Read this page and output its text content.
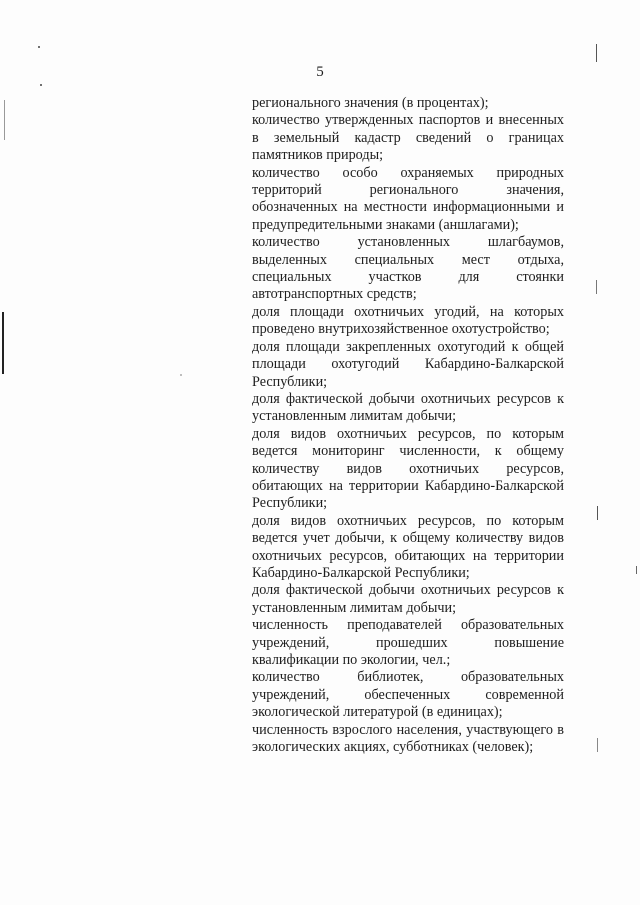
5

регионального значения (в процентах);

количество утвержденных паспортов и внесенных в земельный кадастр сведений о границах памятников природы;

количество особо охраняемых природных территорий регионального значения, обозначенных на местности информационными и предупредительными знаками (аншлагами);

количество установленных шлагбаумов, выделенных специальных мест отдыха, специальных участков для стоянки автотранспортных средств;

доля площади охотничьих угодий, на которых проведено внутрихозяйственное охотустройство;

доля площади закрепленных охотугодий к общей площади охотугодий Кабардино-Балкарской Республики;

доля фактической добычи охотничьих ресурсов к установленным лимитам добычи;

доля видов охотничьих ресурсов, по которым ведется мониторинг численности, к общему количеству видов охотничьих ресурсов, обитающих на территории Кабардино-Балкарской Республики;

доля видов охотничьих ресурсов, по которым ведется учет добычи, к общему количеству видов охотничьих ресурсов, обитающих на территории Кабардино-Балкарской Республики;

доля фактической добычи охотничьих ресурсов к установленным лимитам добычи;

численность преподавателей образовательных учреждений, прошедших повышение квалификации по экологии, чел.;

количество библиотек, образовательных учреждений, обеспеченных современной экологической литературой (в единицах);

численность взрослого населения, участвующего в экологических акциях, субботниках (человек);
